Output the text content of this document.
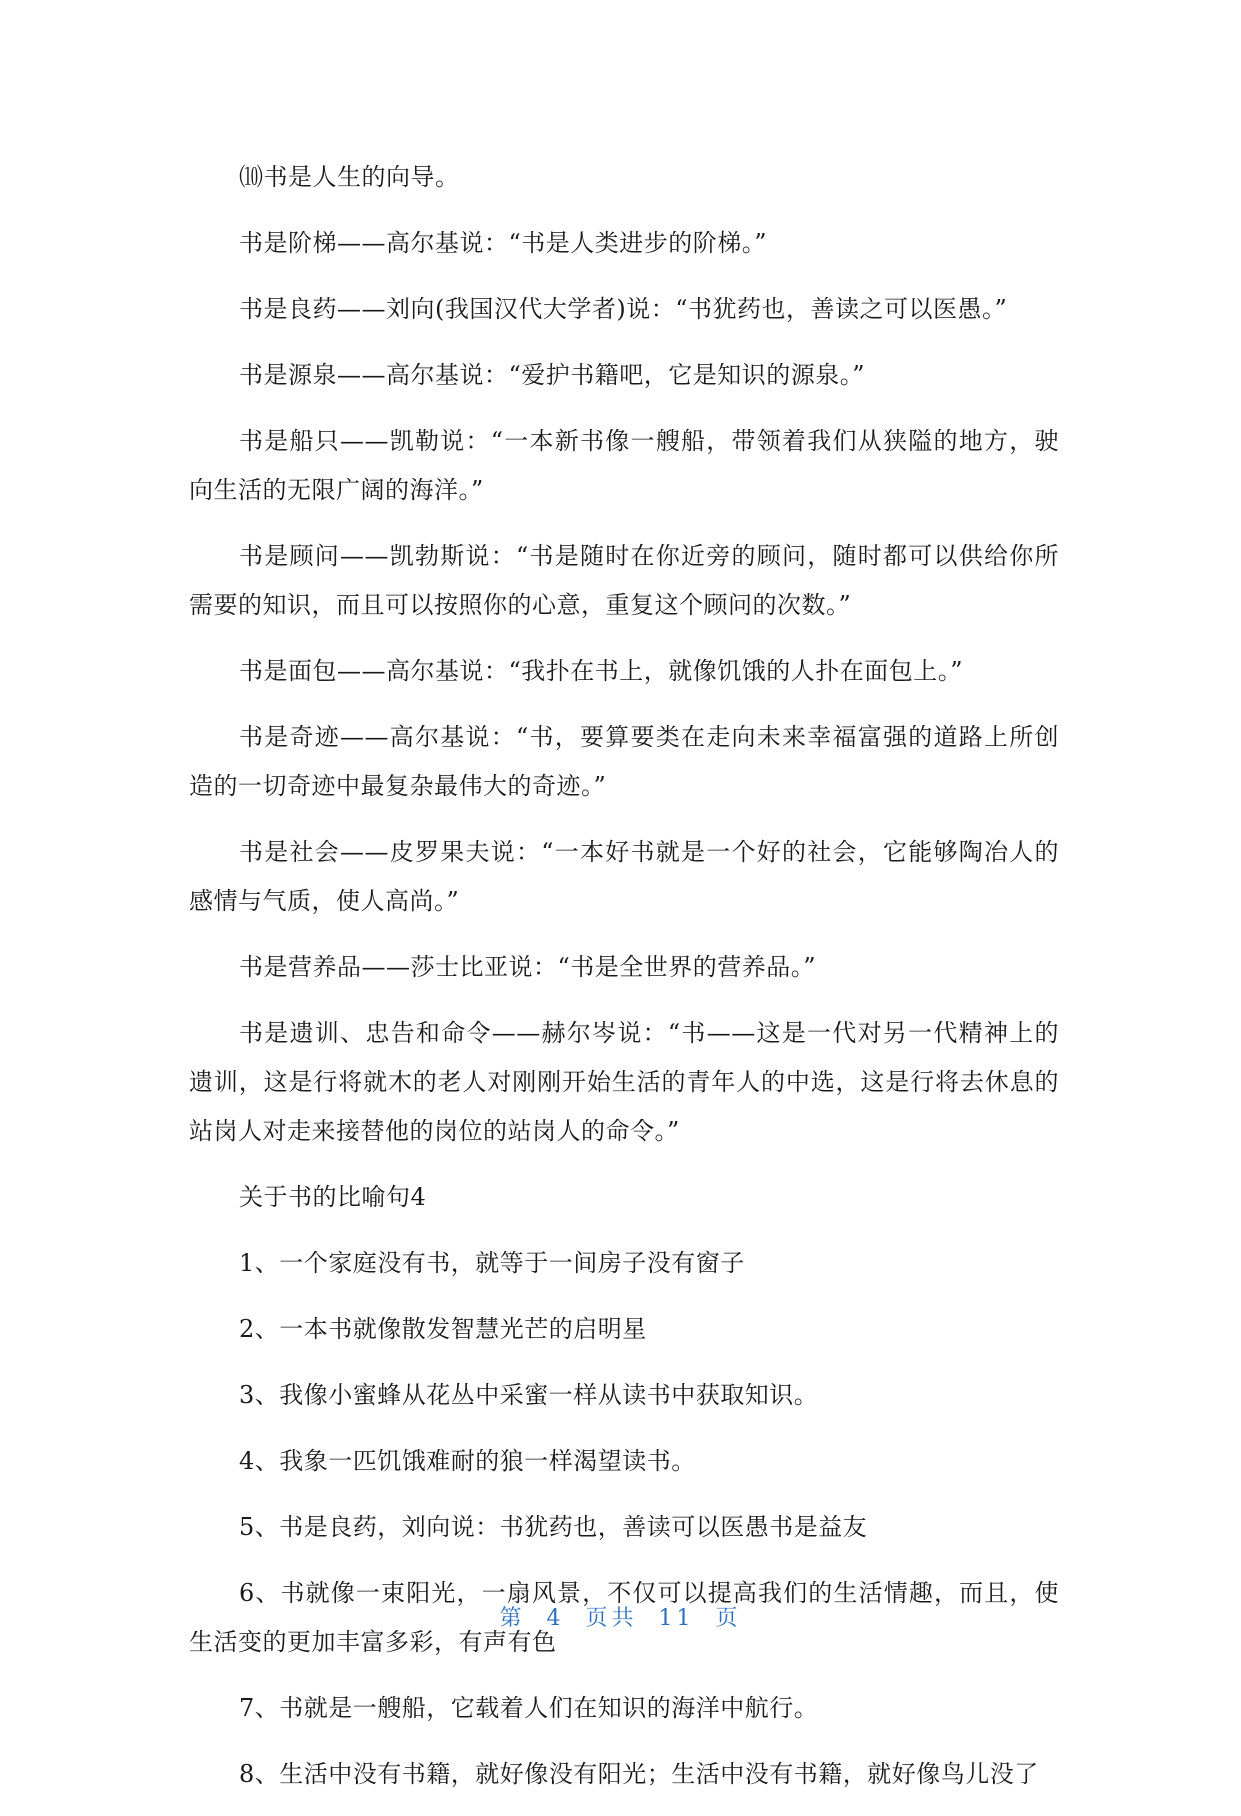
⑽书是人生的向导。

书是阶梯——高尔基说：“书是人类进步的阶梯。”

书是良药——刘向(我国汉代大学者)说：“书犹药也，善读之可以医愚。”

书是源泉——高尔基说：“爱护书籍吧，它是知识的源泉。”

书是船只——凯勒说：“一本新书像一艘船，带领着我们从狭隘的地方，驶向生活的无限广阔的海洋。”

书是顾问——凯勃斯说：“书是随时在你近旁的顾问，随时都可以供给你所需要的知识，而且可以按照你的心意，重复这个顾问的次数。”

书是面包——高尔基说：“我扑在书上，就像饥饿的人扑在面包上。”

书是奇迹——高尔基说：“书，要算要类在走向未来幸福富强的道路上所创造的一切奇迹中最复杂最伟大的奇迹。”

书是社会——皮罗果夫说：“一本好书就是一个好的社会，它能够陶冶人的感情与气质，使人高尚。”

书是营养品——莎士比亚说：“书是全世界的营养品。”

书是遗训、忠告和命令——赫尔岑说：“书——这是一代对另一代精神上的遗训，这是行将就木的老人对刚刚开始生活的青年人的中选，这是行将去休息的站岗人对走来接替他的岗位的站岗人的命令。”

关于书的比喻句4

1、一个家庭没有书，就等于一间房子没有窗子

2、一本书就像散发智慧光芒的启明星

3、我像小蜜蜂从花丛中采蜜一样从读书中获取知识。

4、我象一匹饥饿难耐的狼一样渴望读书。

5、书是良药，刘向说：书犹药也，善读可以医愚书是益友

6、书就像一束阳光，一扇风景，不仅可以提高我们的生活情趣，而且，使生活变的更加丰富多彩，有声有色

7、书就是一艘船，它载着人们在知识的海洋中航行。

8、生活中没有书籍，就好像没有阳光；生活中没有书籍，就好像鸟儿没了

第 4 页共 11 页
